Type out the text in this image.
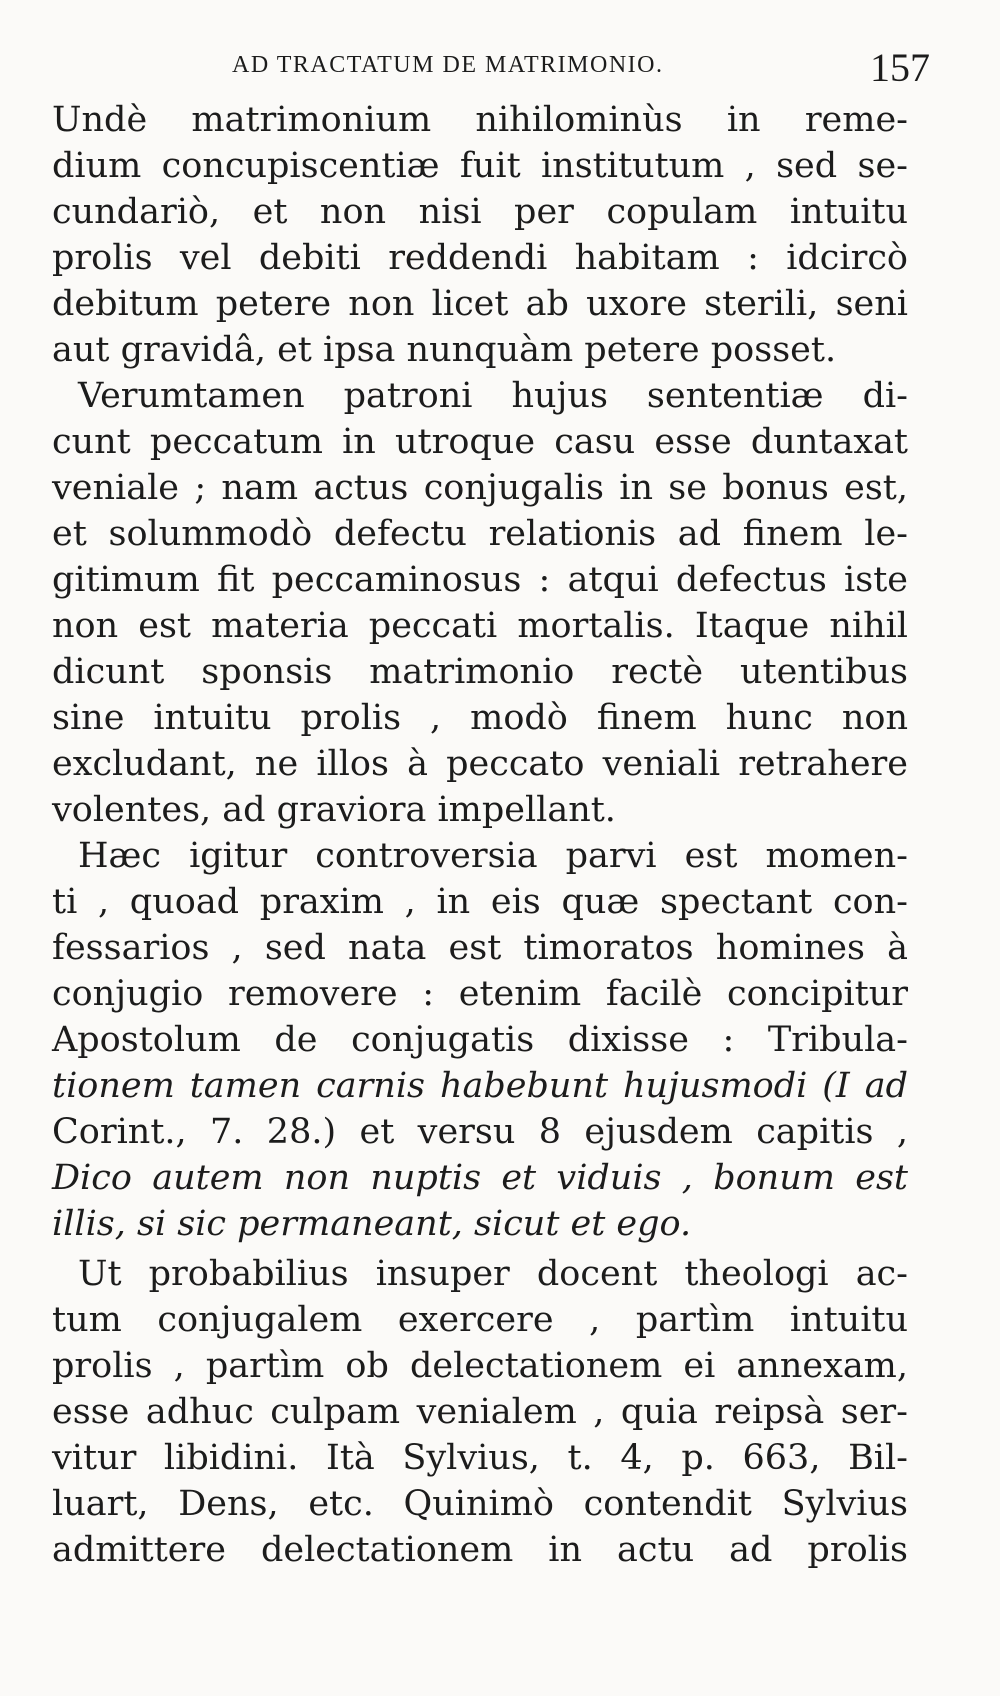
AD TRACTATUM DE MATRIMONIO.	157
Undè matrimonium nihilominùs in reme-
dium concupiscentiæ fuit institutum , sed se-
cundariò, et non nisi per copulam intuitu
prolis vel debiti reddendi habitam : idcircò
debitum petere non licet ab uxore sterili, seni
aut gravidâ, et ipsa nunquàm petere posset.
Verumtamen patroni hujus sententiæ di-
cunt peccatum in utroque casu esse duntaxat
veniale ; nam actus conjugalis in se bonus est,
et solummodò defectu relationis ad finem le-
gitimum fit peccaminosus : atqui defectus iste
non est materia peccati mortalis. Itaque nihil
dicunt sponsis matrimonio rectè utentibus
sine intuitu prolis , modò finem hunc non
excludant, ne illos à peccato veniali retrahere
volentes, ad graviora impellant.
Hæc igitur controversia parvi est momen-
ti , quoad praxim , in eis quæ spectant con-
fessarios , sed nata est timoratos homines à
conjugio removere : etenim facilè concipitur
Apostolum de conjugatis dixisse : Tribula-
tionem tamen carnis habebunt hujusmodi (I ad
Corint., 7. 28.) et versu 8 ejusdem capitis ,
Dico autem non nuptis et viduis , bonum est
illis, si sic permaneant, sicut et ego.
Ut probabilius insuper docent theologi ac-
tum conjugalem exercere , partìm intuitu
prolis , partìm ob delectationem ei annexam,
esse adhuc culpam venialem , quia reipsà ser-
vitur libidini. Ità Sylvius, t. 4, p. 663, Bil-
luart, Dens, etc. Quinimò contendit Sylvius
admittere delectationem in actu ad prolis
